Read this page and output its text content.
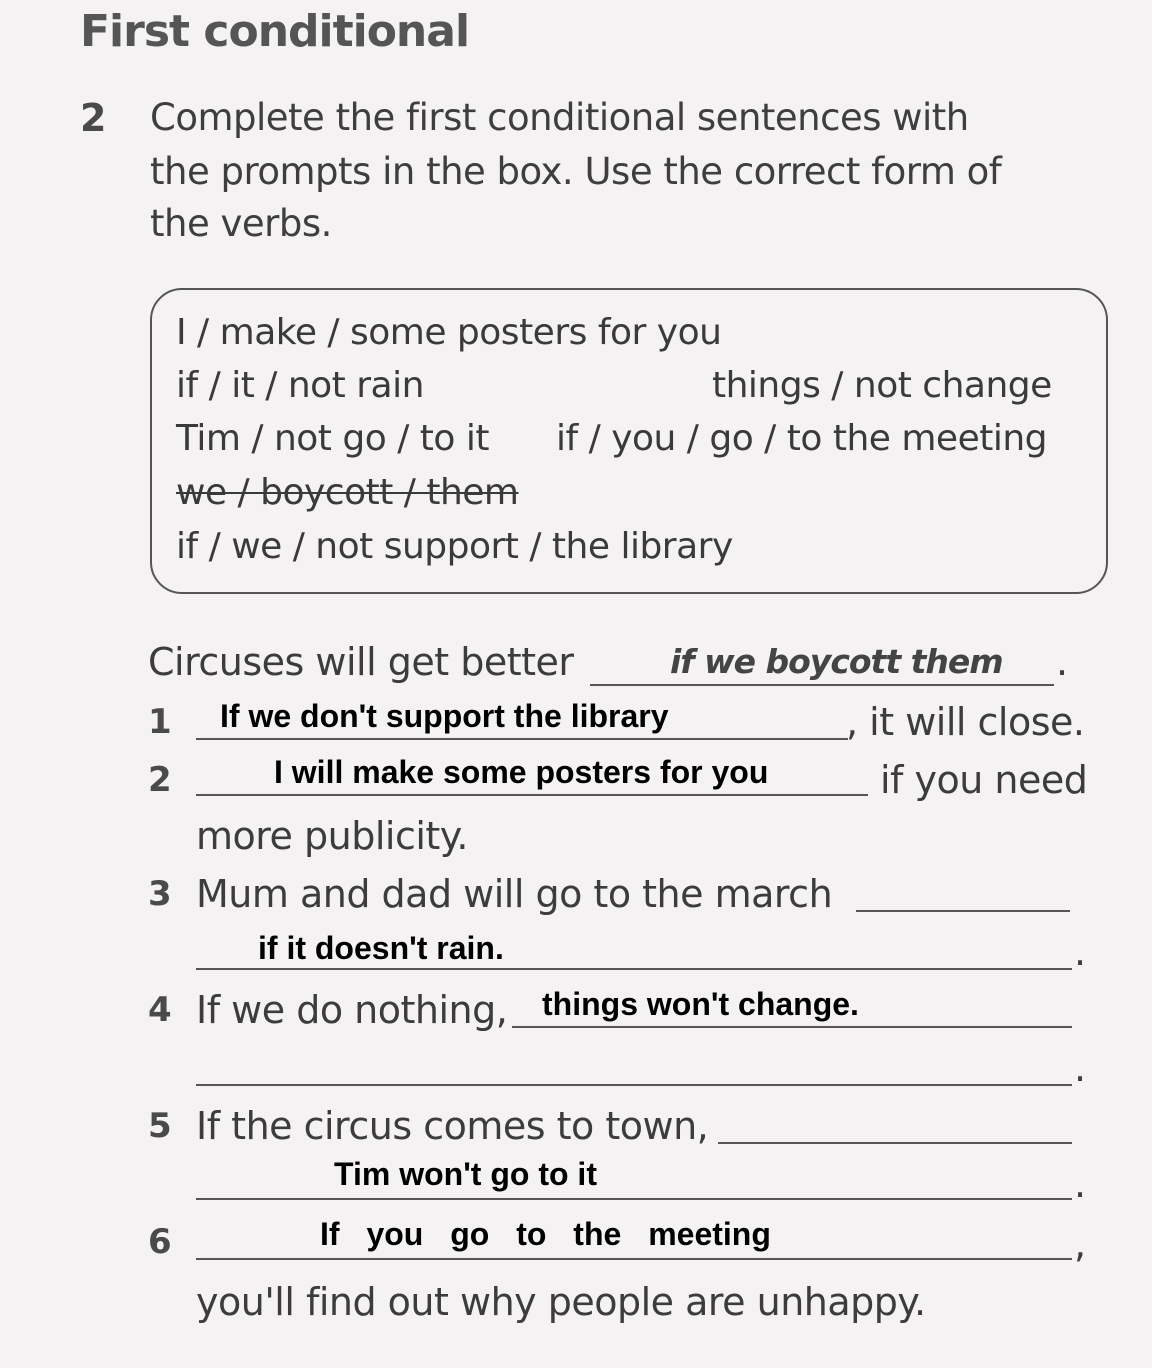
First conditional
2 Complete the first conditional sentences with
the prompts in the box. Use the correct form of
the verbs.
I / make / some posters for you
if / it / not rain	things / not change
Tim / not go / to it if / you / go / to the meeting
we / boycott / them
if / we / not support / the library
Circuses will get better	if we boycott them .
1 If we don't support the library	, it will close.
2	I will make some posters for you	if you need
more publicity.
3 Mum and dad will go to the march
if it doesn't rain.	.
4 If we do nothing, things won't change.
.
5 If the circus comes to town,
Tim won't go to it	.
6	If you go to the meeting	,
you'll find out why people are unhappy.
